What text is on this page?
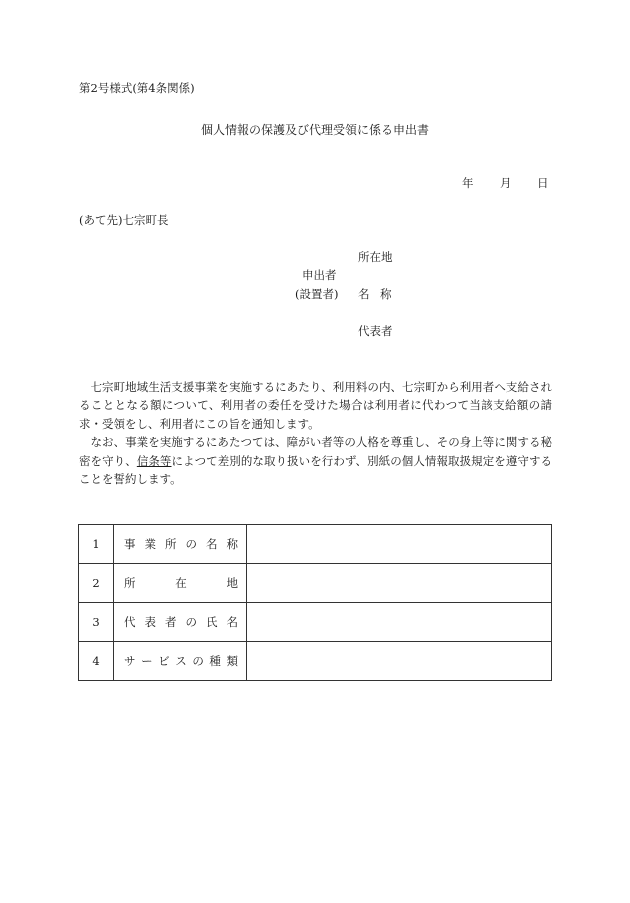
第2号様式(第4条関係)
個人情報の保護及び代理受領に係る申出書
年 月 日
(あて先)七宗町長
所在地
申出者
(設置者) 名 称
代表者

七宗町地域生活支援事業を実施するにあたり、利用料の内、七宗町から利用者へ支給されることとなる額について、利用者の委任を受けた場合は利用者に代わつて当該支給額の請求・受領をし、利用者にこの旨を通知します。

なお、事業を実施するにあたつては、障がい者等の人格を尊重し、その身上等に関する秘密を守り、信条等によつて差別的な取り扱いを行わず、別紙の個人情報取扱規定を遵守することを誓約します。

1	事業所の名称	
2	所在地	
3	代表者の氏名	
4	サービスの種類	
